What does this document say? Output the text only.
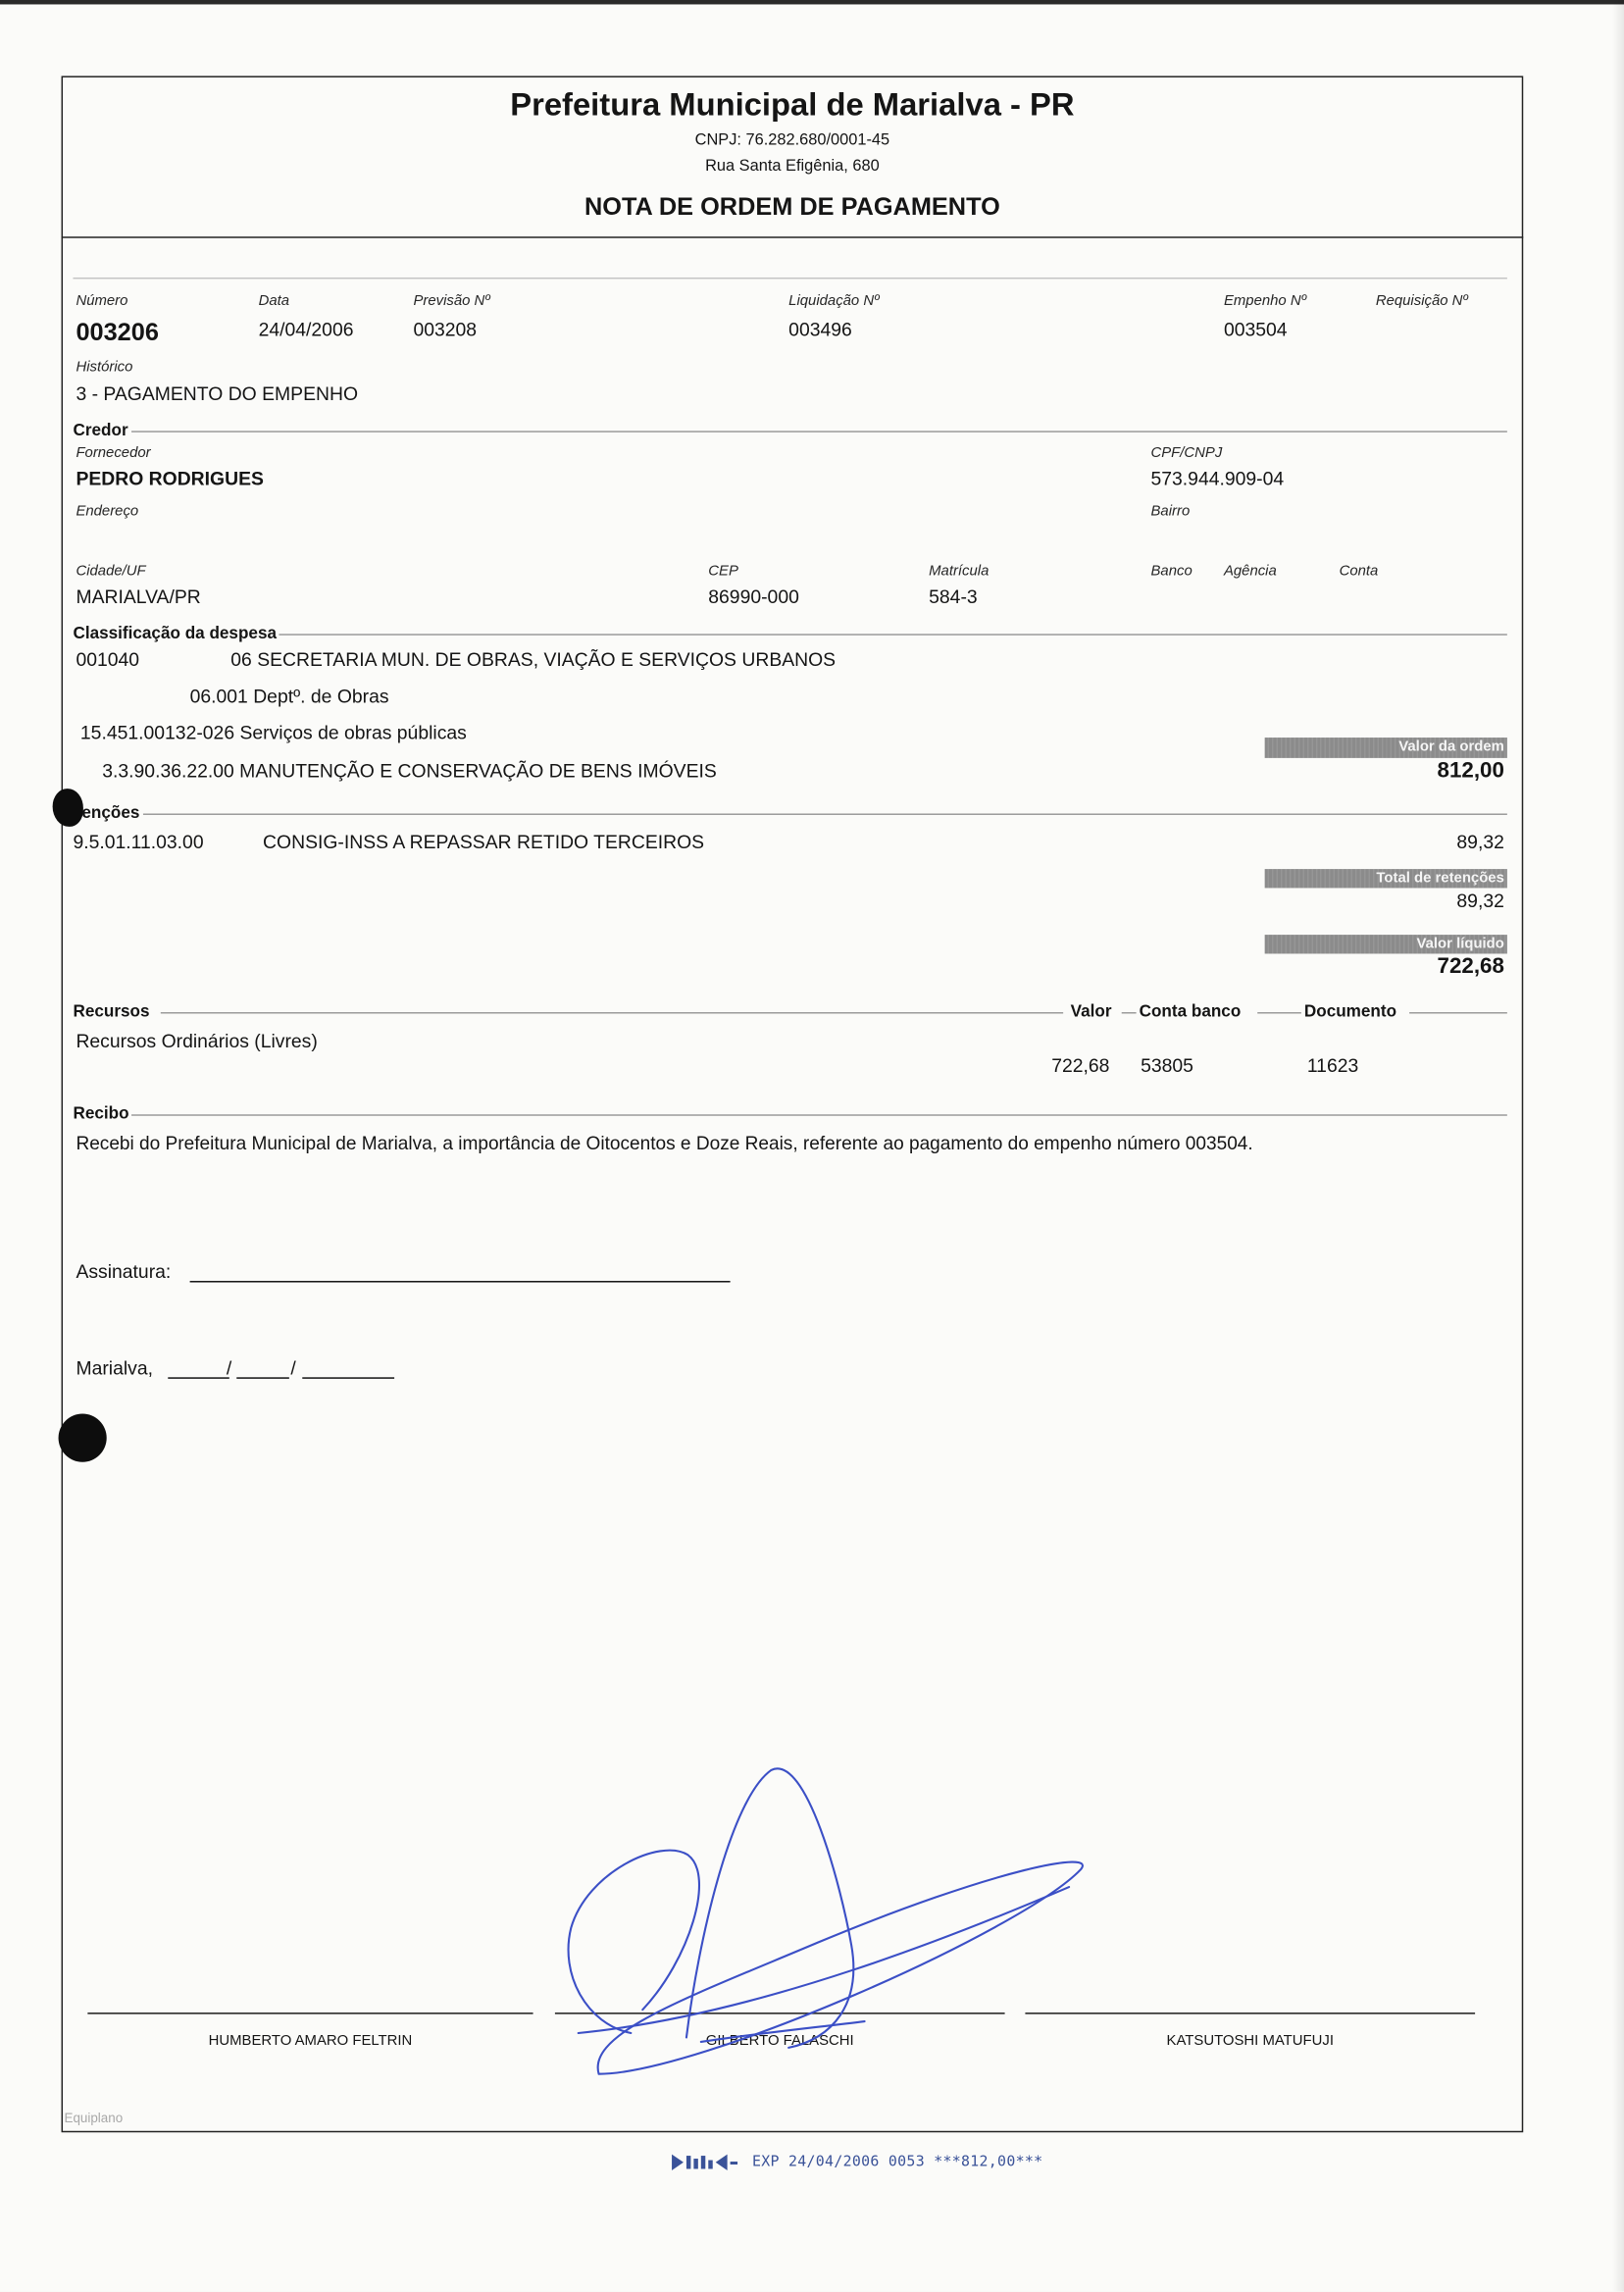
Prefeitura Municipal de Marialva - PR
CNPJ: 76.282.680/0001-45
Rua Santa Efigênia, 680
NOTA DE ORDEM DE PAGAMENTO
Número	Data	Previsão Nº	Liquidação Nº	Empenho Nº	Requisição Nº
003206	24/04/2006	003208	003496	003504
Histórico
3 - PAGAMENTO DO EMPENHO
Credor
Fornecedor
PEDRO RODRIGUES
CPF/CNPJ
573.944.909-04
Endereço	Bairro
Cidade/UF	CEP	Matrícula	Banco	Agência	Conta
MARIALVA/PR	86990-000	584-3
Classificação da despesa
001040	06 SECRETARIA MUN. DE OBRAS, VIAÇÃO E SERVIÇOS URBANOS
06.001 Deptº. de Obras
15.451.00132-026 Serviços de obras públicas
Valor da ordem
3.3.90.36.22.00 MANUTENÇÃO E CONSERVAÇÃO DE BENS IMÓVEIS	812,00
enções
9.5.01.11.03.00	CONSIG-INSS A REPASSAR RETIDO TERCEIROS	89,32
Total de retenções
89,32
Valor líquido
722,68
Recursos	Valor Conta banco	Documento
Recursos Ordinários (Livres)
722,68 53805	11623
Recibo
Recebi do Prefeitura Municipal de Marialva, a importância de Oitocentos e Doze Reais, referente ao pagamento do empenho número 003504.
Assinatura:
Marialva,	/	/
HUMBERTO AMARO FELTRIN	GILBERTO FALASCHI	KATSUTOSHI MATUFUJI
Equiplano
EXP 24/04/2006 0053 ***812,00***
